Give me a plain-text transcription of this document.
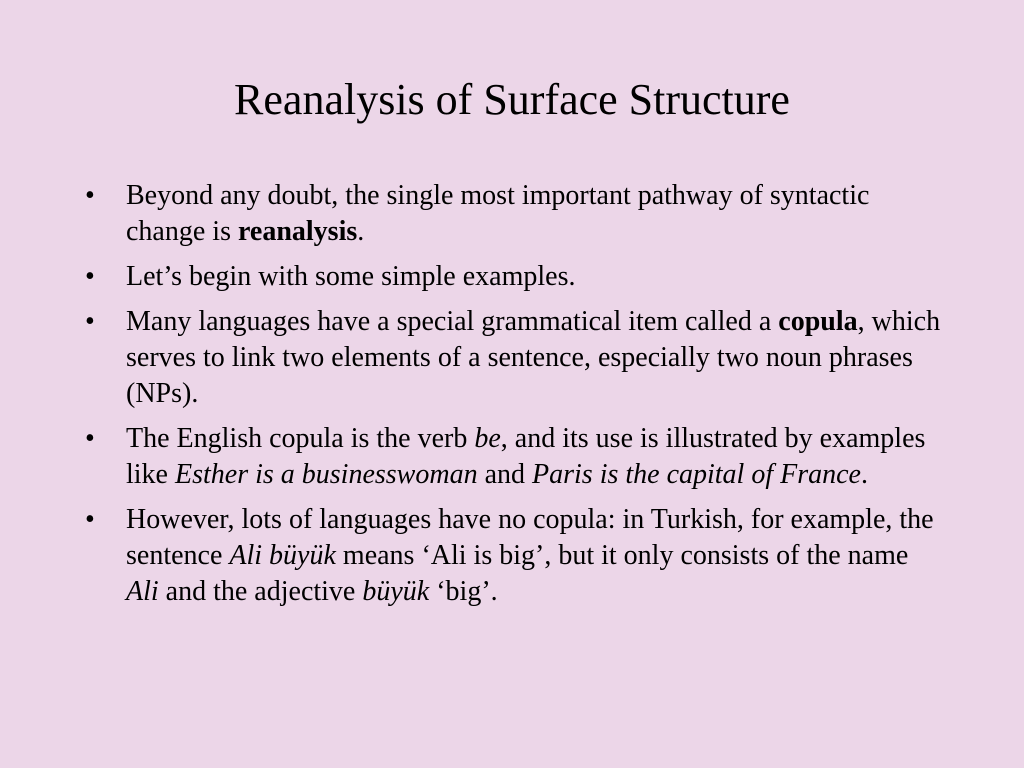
Reanalysis of Surface Structure
•	Beyond any doubt, the single most important pathway of syntactic change is reanalysis.
•	Let’s begin with some simple examples.
•	Many languages have a special grammatical item called a copula, which serves to link two elements of a sentence, especially two noun phrases (NPs).
•	The English copula is the verb be, and its use is illustrated by examples like Esther is a businesswoman and Paris is the capital of France.
•	However, lots of languages have no copula: in Turkish, for example, the sentence Ali büyük means ‘Ali is big’, but it only consists of the name Ali and the adjective büyük ‘big’.
